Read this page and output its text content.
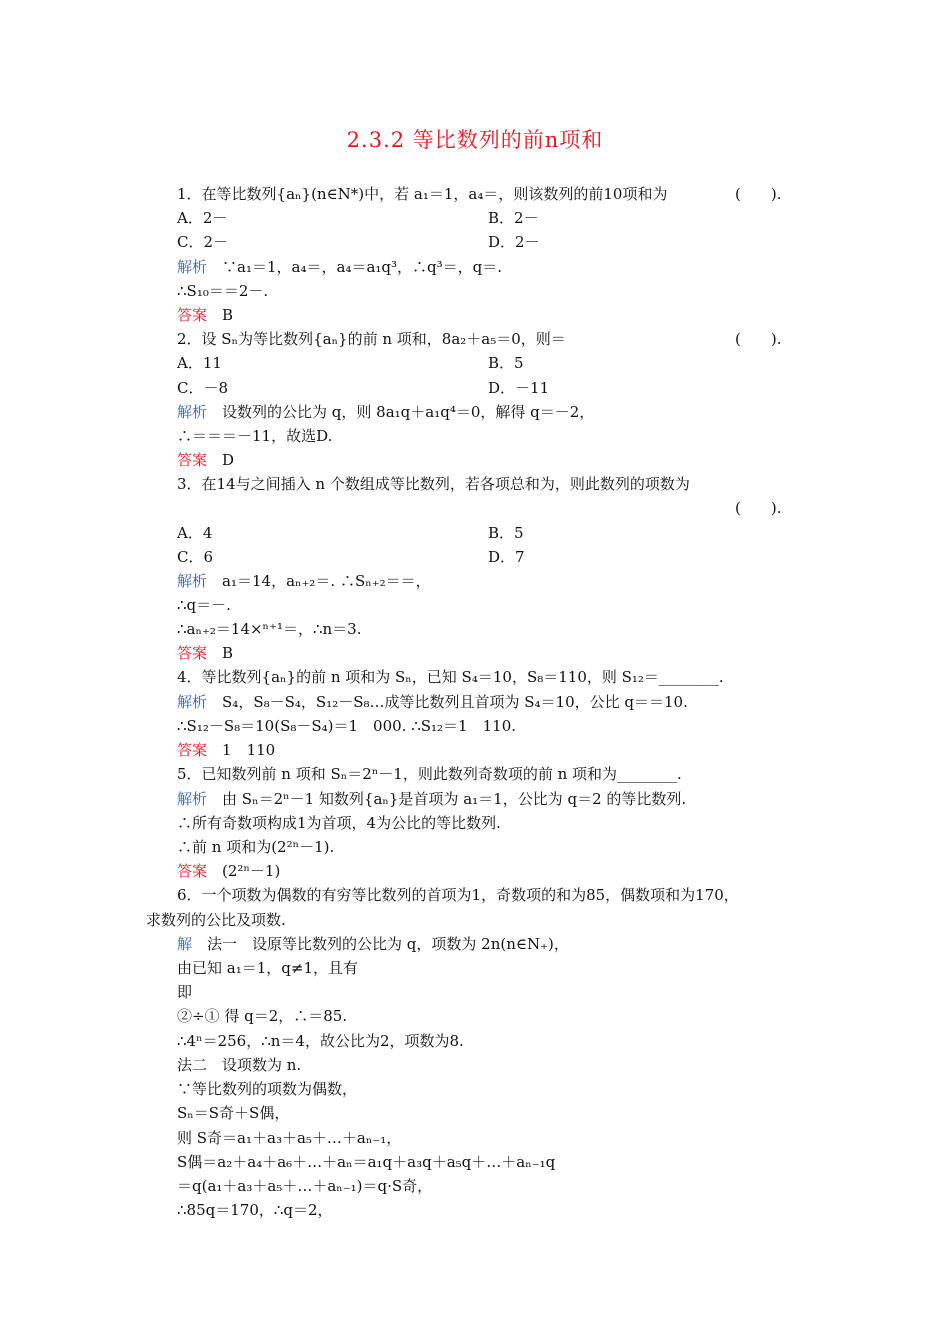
2.3.2 等比数列的前n项和
1．在等比数列{aₙ}(n∈N*)中，若 a₁＝1，a₄＝，则该数列的前10项和为	(　　).
A．2－	B．2－
C．2－	D．2－
解析　 ∵a₁＝1，a₄＝，a₄＝a₁q³，∴q³＝，q＝.
∴S₁₀＝＝2－.
答案　 B
2．设 Sₙ为等比数列{aₙ}的前 n 项和，8a₂＋a₅＝0，则＝	(　　).
A．11	B．5
C．－8	D．－11
解析　 设数列的公比为 q，则 8a₁q＋a₁q⁴＝0，解得 q＝－2，
∴＝＝＝－11，故选D.
答案　 D
3．在14与之间插入 n 个数组成等比数列，若各项总和为，则此数列的项数为
(　　).
A．4	B．5
C．6	D．7
解析　 a₁＝14，aₙ₊₂＝. ∴Sₙ₊₂＝＝，
∴q＝－.
∴aₙ₊₂＝14×ⁿ⁺¹＝，∴n＝3.
答案　 B
4．等比数列{aₙ}的前 n 项和为 Sₙ，已知 S₄＝10，S₈＝110，则 S₁₂＝________.
解析　 S₄，S₈－S₄，S₁₂－S₈…成等比数列且首项为 S₄＝10，公比 q＝＝10.
∴S₁₂－S₈＝10(S₈－S₄)＝1　000. ∴S₁₂＝1　110.
答案　 1　110
5．已知数列前 n 项和 Sₙ＝2ⁿ－1，则此数列奇数项的前 n 项和为________.
解析　 由 Sₙ＝2ⁿ－1 知数列{aₙ}是首项为 a₁＝1，公比为 q＝2 的等比数列.
∴所有奇数项构成1为首项，4为公比的等比数列.
∴前 n 项和为(2²ⁿ－1).
答案　 (2²ⁿ－1)
6．一个项数为偶数的有穷等比数列的首项为1，奇数项的和为85，偶数项和为170，
求数列的公比及项数.
解　 法一　设原等比数列的公比为 q，项数为 2n(n∈N₊)，
由已知 a₁＝1，q≠1，且有
即
②÷① 得 q＝2，∴＝85.
∴4ⁿ＝256，∴n＝4，故公比为2，项数为8.
法二　设项数为 n.
∵等比数列的项数为偶数，
Sₙ＝S奇＋S偶，
则 S奇＝a₁＋a₃＋a₅＋…＋aₙ₋₁，
S偶＝a₂＋a₄＋a₆＋…＋aₙ＝a₁q＋a₃q＋a₅q＋…＋aₙ₋₁q
＝q(a₁＋a₃＋a₅＋…＋aₙ₋₁)＝q·S奇，
∴85q＝170，∴q＝2，
